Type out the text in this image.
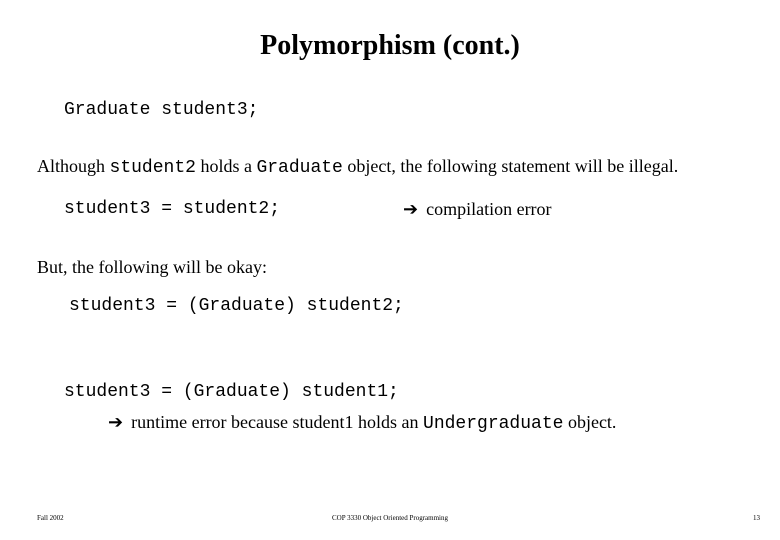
Polymorphism (cont.)
Graduate student3;
Although student2 holds a Graduate object, the following statement will be illegal.
student3 = student2;	➔ compilation error
But, the following will be okay:
student3 = (Graduate) student2;
student3 = (Graduate) student1;
➔ runtime error because student1 holds an Undergraduate object.
Fall 2002	COP 3330 Object Oriented Programming	13
